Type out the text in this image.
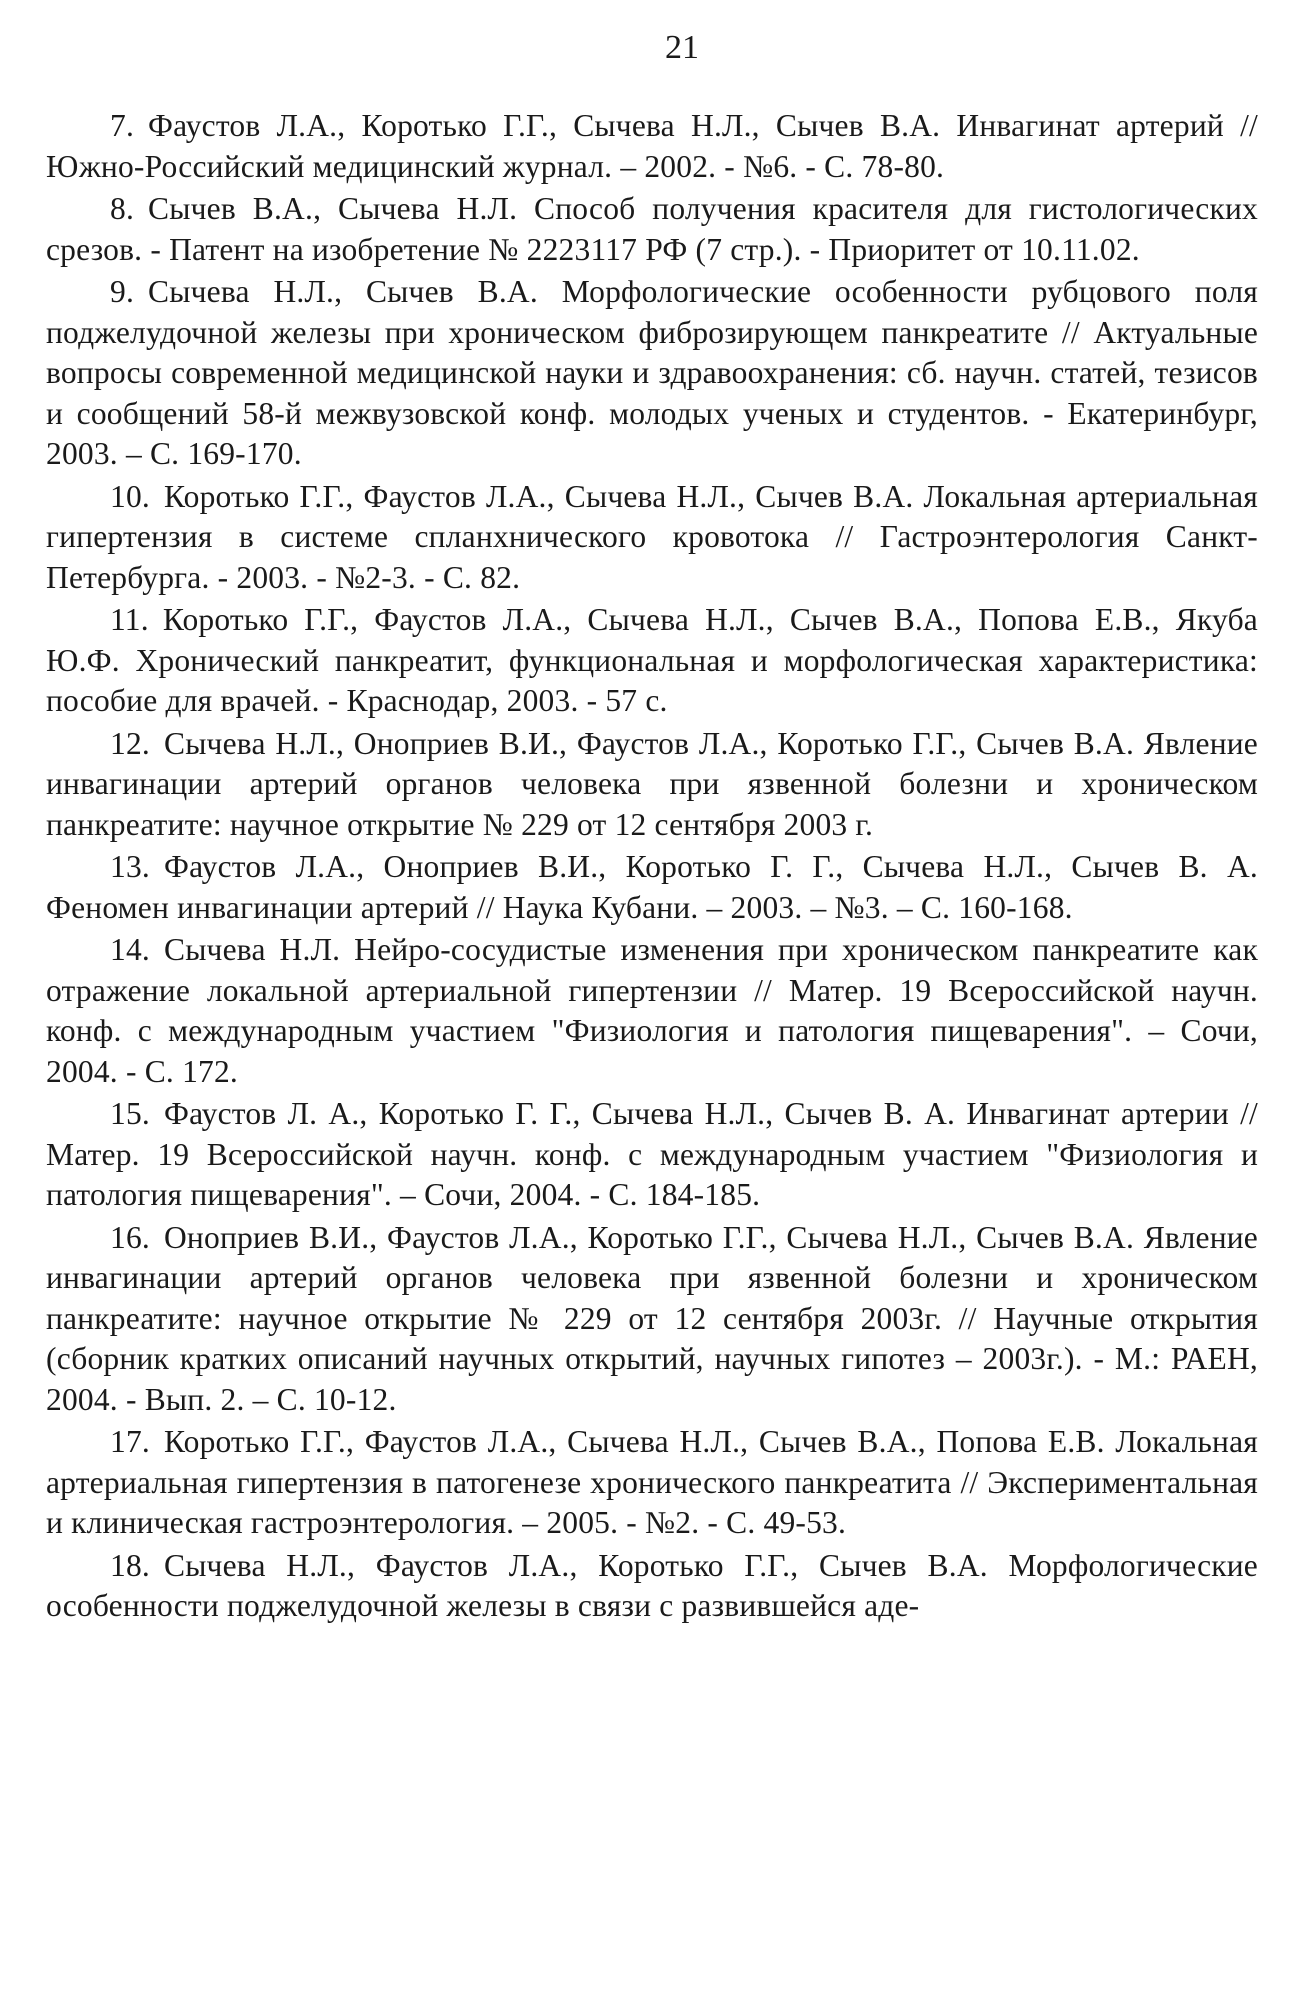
21

7. Фаустов Л.А., Коротько Г.Г., Сычева Н.Л., Сычев В.А. Инвагинат артерий // Южно-Российский медицинский журнал. – 2002. - №6. - С. 78-80.

8. Сычев В.А., Сычева Н.Л. Способ получения красителя для гистологических срезов. - Патент на изобретение № 2223117 РФ (7 стр.). - Приоритет от 10.11.02.

9. Сычева Н.Л., Сычев В.А. Морфологические особенности рубцового поля поджелудочной железы при хроническом фиброзирующем панкреатите // Актуальные вопросы современной медицинской науки и здравоохранения: сб. научн. статей, тезисов и сообщений 58-й межвузовской конф. молодых ученых и студентов. - Екатеринбург, 2003. – С. 169-170.

10. Коротько Г.Г., Фаустов Л.А., Сычева Н.Л., Сычев В.А. Локальная артериальная гипертензия в системе спланхнического кровотока // Гастроэнтерология Санкт-Петербурга. - 2003. - №2-3. - С. 82.

11. Коротько Г.Г., Фаустов Л.А., Сычева Н.Л., Сычев В.А., Попова Е.В., Якуба Ю.Ф. Хронический панкреатит, функциональная и морфологическая характеристика: пособие для врачей. - Краснодар, 2003. - 57 с.

12. Сычева Н.Л., Оноприев В.И., Фаустов Л.А., Коротько Г.Г., Сычев В.А. Явление инвагинации артерий органов человека при язвенной болезни и хроническом панкреатите: научное открытие № 229 от 12 сентября 2003 г.

13. Фаустов Л.А., Оноприев В.И., Коротько Г. Г., Сычева Н.Л., Сычев В. А. Феномен инвагинации артерий // Наука Кубани. – 2003. – №3. – С. 160-168.

14. Сычева Н.Л. Нейро-сосудистые изменения при хроническом панкреатите как отражение локальной артериальной гипертензии // Матер. 19 Всероссийской научн. конф. с международным участием "Физиология и патология пищеварения". – Сочи, 2004. - С. 172.

15. Фаустов Л. А., Коротько Г. Г., Сычева Н.Л., Сычев В. А. Инвагинат артерии // Матер. 19 Всероссийской научн. конф. с международным участием "Физиология и патология пищеварения". – Сочи, 2004. - С. 184-185.

16. Оноприев В.И., Фаустов Л.А., Коротько Г.Г., Сычева Н.Л., Сычев В.А. Явление инвагинации артерий органов человека при язвенной болезни и хроническом панкреатите: научное открытие № 229 от 12 сентября 2003г. // Научные открытия (сборник кратких описаний научных открытий, научных гипотез – 2003г.). - М.: РАЕН, 2004. - Вып. 2. – С. 10-12.

17. Коротько Г.Г., Фаустов Л.А., Сычева Н.Л., Сычев В.А., Попова Е.В. Локальная артериальная гипертензия в патогенезе хронического панкреатита // Экспериментальная и клиническая гастроэнтерология. – 2005. - №2. - С. 49-53.

18. Сычева Н.Л., Фаустов Л.А., Коротько Г.Г., Сычев В.А. Морфологические особенности поджелудочной железы в связи с развившейся аде-
